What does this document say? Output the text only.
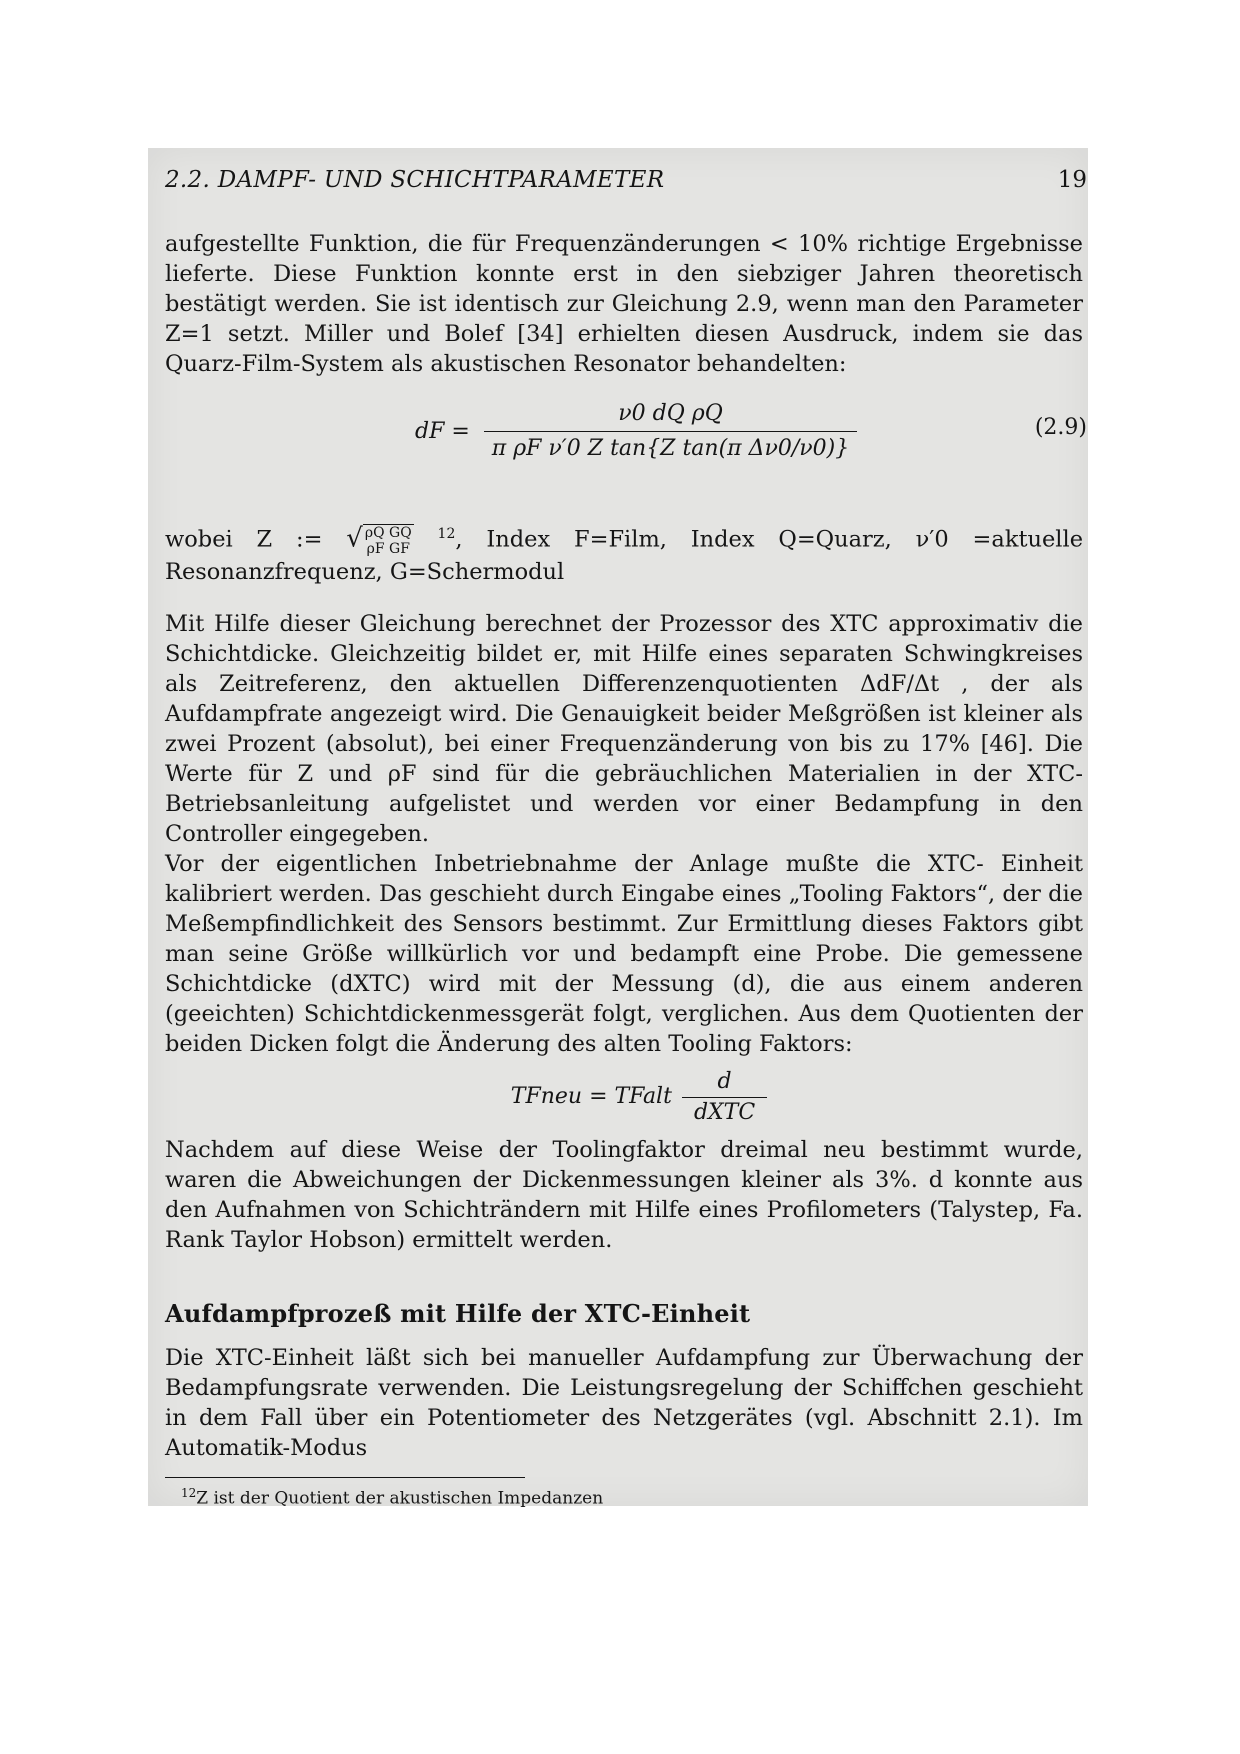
2.2. DAMPF- UND SCHICHTPARAMETER	19

aufgestellte Funktion, die für Frequenzänderungen < 10% richtige Ergebnisse lieferte. Diese Funktion konnte erst in den siebziger Jahren theoretisch bestätigt werden. Sie ist identisch zur Gleichung 2.9, wenn man den Parameter Z=1 setzt. Miller und Bolef [34] erhielten diesen Ausdruck, indem sie das Quarz-Film-System als akustischen Resonator behandelten:

dF = $\frac{\text{ν0 dQ ρQ}}{\text{π ρF ν′0 Z tan\{Z tan(π Δν0/ν0)\}}}$	(2.9)

wobei Z := √ ρQ GQ
ρF GF $^{12}$, Index F=Film, Index Q=Quarz, ν′0 =aktuelle Resonanzfrequenz, G=Schermodul

Mit Hilfe dieser Gleichung berechnet der Prozessor des XTC approximativ die Schichtdicke. Gleichzeitig bildet er, mit Hilfe eines separaten Schwingkreises als Zeitreferenz, den aktuellen Differenzenquotienten ΔdF/Δt , der als Aufdampfrate angezeigt wird. Die Genauigkeit beider Meßgrößen ist kleiner als zwei Prozent (absolut), bei einer Frequenzänderung von bis zu 17% [46]. Die Werte für Z und ρF sind für die gebräuchlichen Materialien in der XTC-Betriebsanleitung aufgelistet und werden vor einer Bedampfung in den Controller eingegeben.

Vor der eigentlichen Inbetriebnahme der Anlage mußte die XTC- Einheit kalibriert werden. Das geschieht durch Eingabe eines „Tooling Faktors“, der die Meßempfindlichkeit des Sensors bestimmt. Zur Ermittlung dieses Faktors gibt man seine Größe willkürlich vor und bedampft eine Probe. Die gemessene Schichtdicke (dXTC) wird mit der Messung (d), die aus einem anderen (geeichten) Schichtdickenmessgerät folgt, verglichen. Aus dem Quotienten der beiden Dicken folgt die Änderung des alten Tooling Faktors:

TFneu = TFalt $\frac{d}{\text{dXTC}}$

Nachdem auf diese Weise der Toolingfaktor dreimal neu bestimmt wurde, waren die Abweichungen der Dickenmessungen kleiner als 3%. d konnte aus den Aufnahmen von Schichträndern mit Hilfe eines Profilometers (Talystep, Fa. Rank Taylor Hobson) ermittelt werden.

Aufdampfprozeß mit Hilfe der XTC-Einheit

Die XTC-Einheit läßt sich bei manueller Aufdampfung zur Überwachung der Bedampfungsrate verwenden. Die Leistungsregelung der Schiffchen geschieht in dem Fall über ein Potentiometer des Netzgerätes (vgl. Abschnitt 2.1). Im Automatik-Modus

$^{12}$Z ist der Quotient der akustischen Impedanzen
